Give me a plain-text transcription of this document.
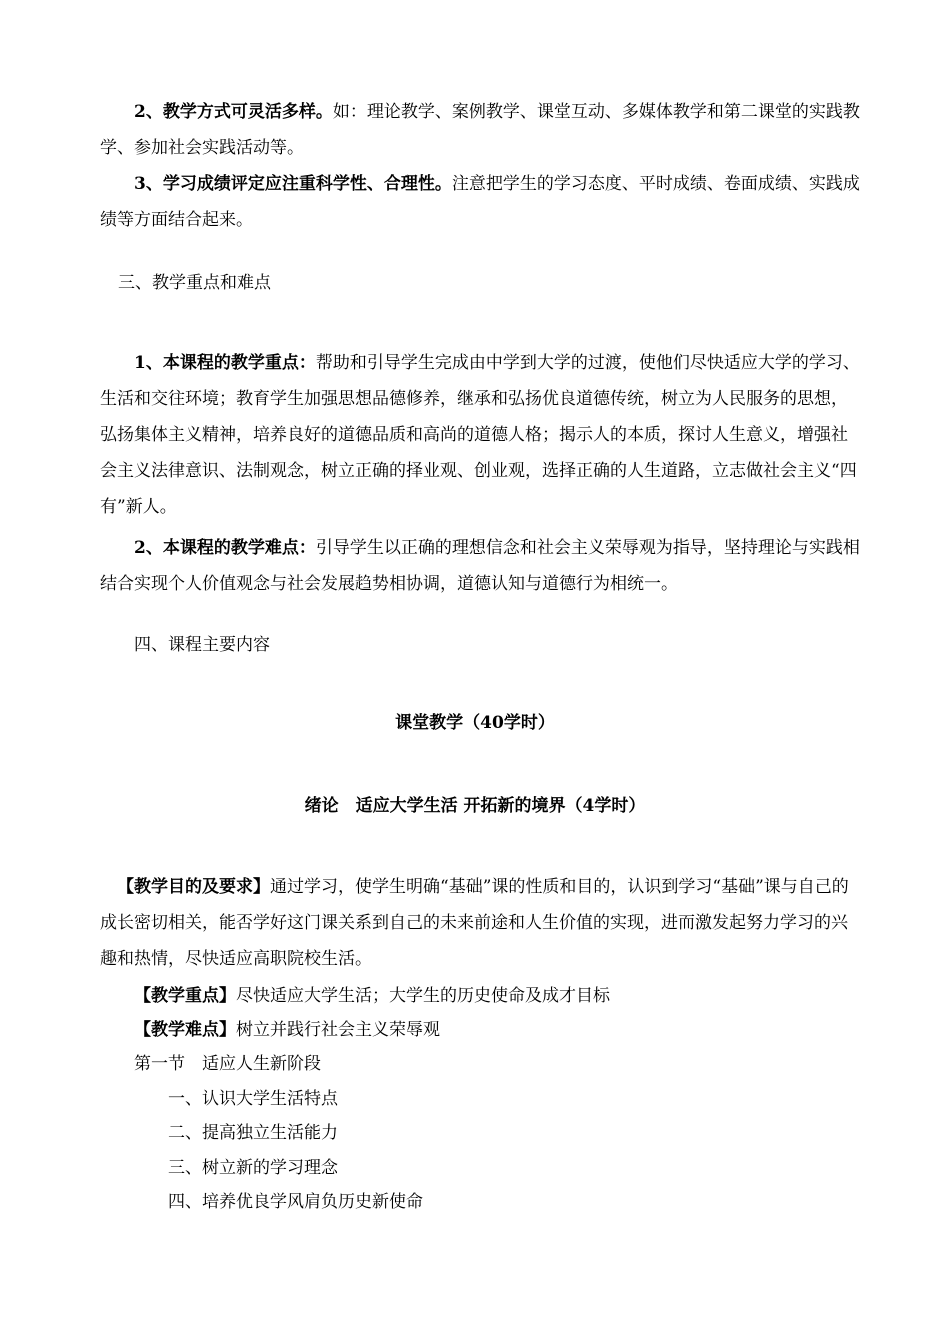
2、教学方式可灵活多样。如：理论教学、案例教学、课堂互动、多媒体教学和第二课堂的实践教学、参加社会实践活动等。

3、学习成绩评定应注重科学性、合理性。注意把学生的学习态度、平时成绩、卷面成绩、实践成绩等方面结合起来。

三、教学重点和难点

1、本课程的教学重点：帮助和引导学生完成由中学到大学的过渡，使他们尽快适应大学的学习、生活和交往环境；教育学生加强思想品德修养，继承和弘扬优良道德传统，树立为人民服务的思想，弘扬集体主义精神，培养良好的道德品质和高尚的道德人格；揭示人的本质，探讨人生意义，增强社会主义法律意识、法制观念，树立正确的择业观、创业观，选择正确的人生道路，立志做社会主义“四有”新人。

2、本课程的教学难点：引导学生以正确的理想信念和社会主义荣辱观为指导，坚持理论与实践相结合实现个人价值观念与社会发展趋势相协调，道德认知与道德行为相统一。

四、课程主要内容

课堂教学（40学时）

绪论　适应大学生活 开拓新的境界（4学时）

【教学目的及要求】通过学习，使学生明确“基础”课的性质和目的，认识到学习“基础”课与自己的成长密切相关，能否学好这门课关系到自己的未来前途和人生价值的实现，进而激发起努力学习的兴趣和热情，尽快适应高职院校生活。

【教学重点】尽快适应大学生活；大学生的历史使命及成才目标

【教学难点】树立并践行社会主义荣辱观

第一节　适应人生新阶段

一、认识大学生活特点

二、提高独立生活能力

三、树立新的学习理念

四、培养优良学风肩负历史新使命
